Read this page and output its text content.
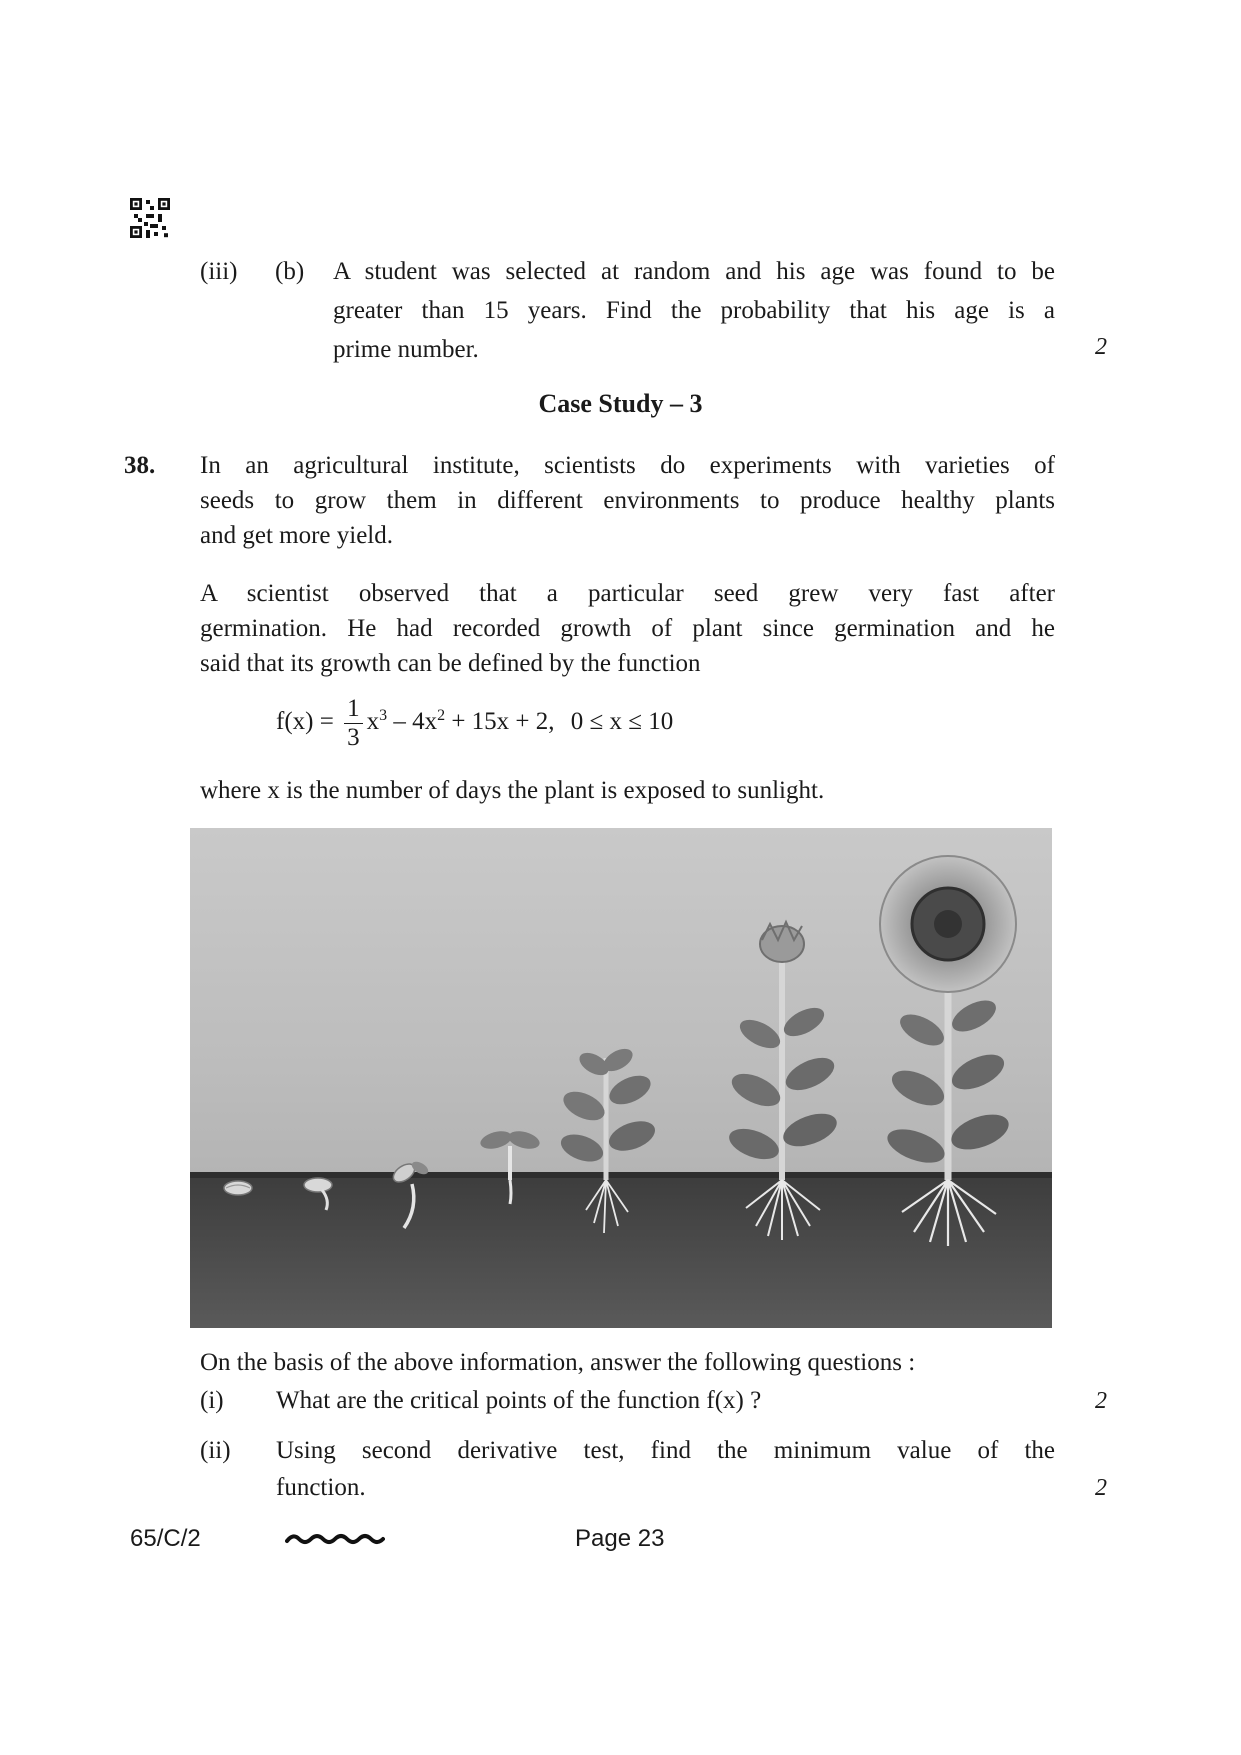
(iii) (b) A student was selected at random and his age was found to be
greater than 15 years. Find the probability that his age is a
prime number.	2
Case Study – 3
38. In an agricultural institute, scientists do experiments with varieties of
seeds to grow them in different environments to produce healthy plants
and get more yield.
A scientist observed that a particular seed grew very fast after
germination. He had recorded growth of plant since germination and he
said that its growth can be defined by the function
$f(x) = \frac{1}{3} x^3 - 4x^2 + 15x + 2$, 0 ≤ x ≤ 10
where x is the number of days the plant is exposed to sunlight.
On the basis of the above information, answer the following questions :
(i) What are the critical points of the function f(x) ?	2
(ii) Using second derivative test, find the minimum value of the
function.	2
65/C/2	Page 23
